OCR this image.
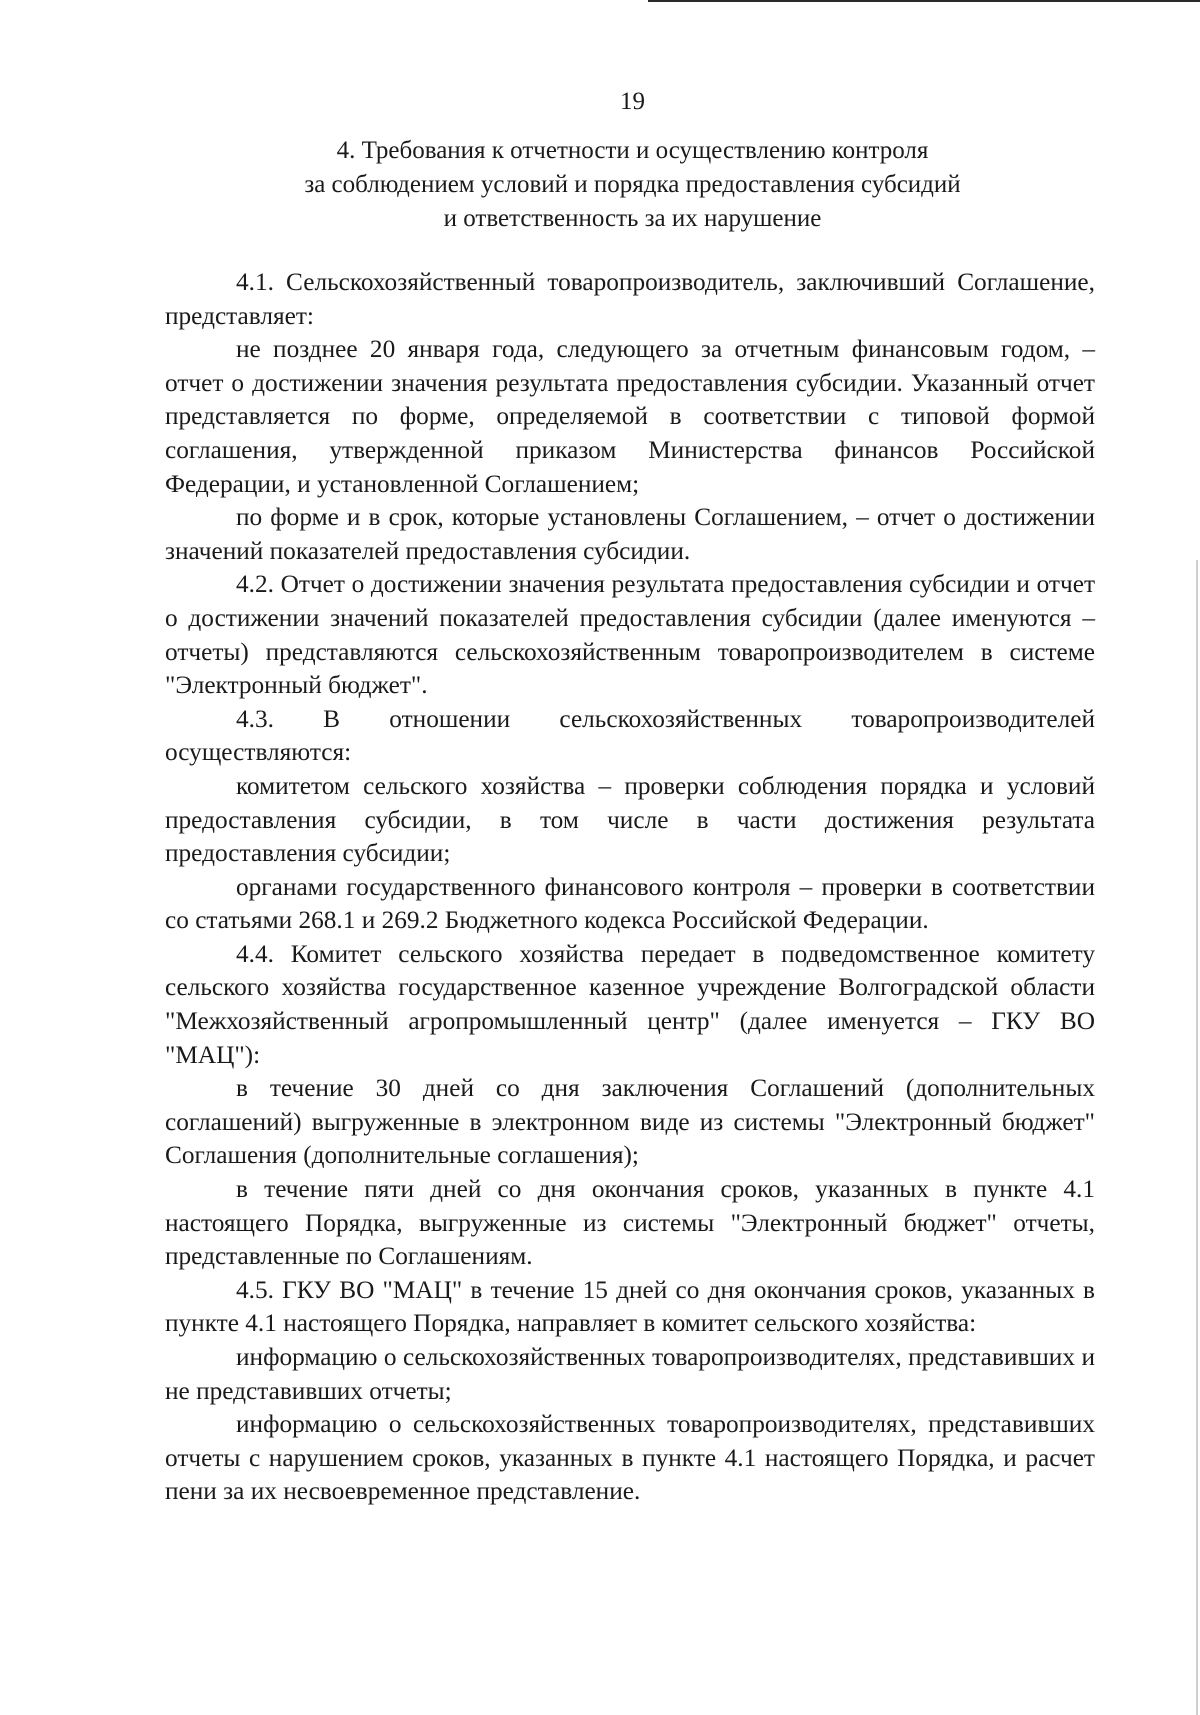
19
4. Требования к отчетности и осуществлению контроля
за соблюдением условий и порядка предоставления субсидий
и ответственность за их нарушение

4.1. Сельскохозяйственный товаропроизводитель, заключивший Соглашение, представляет:

не позднее 20 января года, следующего за отчетным финансовым годом, – отчет о достижении значения результата предоставления субсидии. Указанный отчет представляется по форме, определяемой в соответствии с типовой формой соглашения, утвержденной приказом Министерства финансов Российской Федерации, и установленной Соглашением;

по форме и в срок, которые установлены Соглашением, – отчет о достижении значений показателей предоставления субсидии.

4.2. Отчет о достижении значения результата предоставления субсидии и отчет о достижении значений показателей предоставления субсидии (далее именуются – отчеты) представляются сельскохозяйственным товаропроизводителем в системе "Электронный бюджет".

4.3. В отношении сельскохозяйственных товаропроизводителей осуществляются:

комитетом сельского хозяйства – проверки соблюдения порядка и условий предоставления субсидии, в том числе в части достижения результата предоставления субсидии;

органами государственного финансового контроля – проверки в соответствии со статьями 268.1 и 269.2 Бюджетного кодекса Российской Федерации.

4.4. Комитет сельского хозяйства передает в подведомственное комитету сельского хозяйства государственное казенное учреждение Волгоградской области "Межхозяйственный агропромышленный центр" (далее именуется – ГКУ ВО "МАЦ"):

в течение 30 дней со дня заключения Соглашений (дополнительных соглашений) выгруженные в электронном виде из системы "Электронный бюджет" Соглашения (дополнительные соглашения);

в течение пяти дней со дня окончания сроков, указанных в пункте 4.1 настоящего Порядка, выгруженные из системы "Электронный бюджет" отчеты, представленные по Соглашениям.

4.5. ГКУ ВО "МАЦ" в течение 15 дней со дня окончания сроков, указанных в пункте 4.1 настоящего Порядка, направляет в комитет сельского хозяйства:

информацию о сельскохозяйственных товаропроизводителях, представивших и не представивших отчеты;

информацию о сельскохозяйственных товаропроизводителях, представивших отчеты с нарушением сроков, указанных в пункте 4.1 настоящего Порядка, и расчет пени за их несвоевременное представление.
